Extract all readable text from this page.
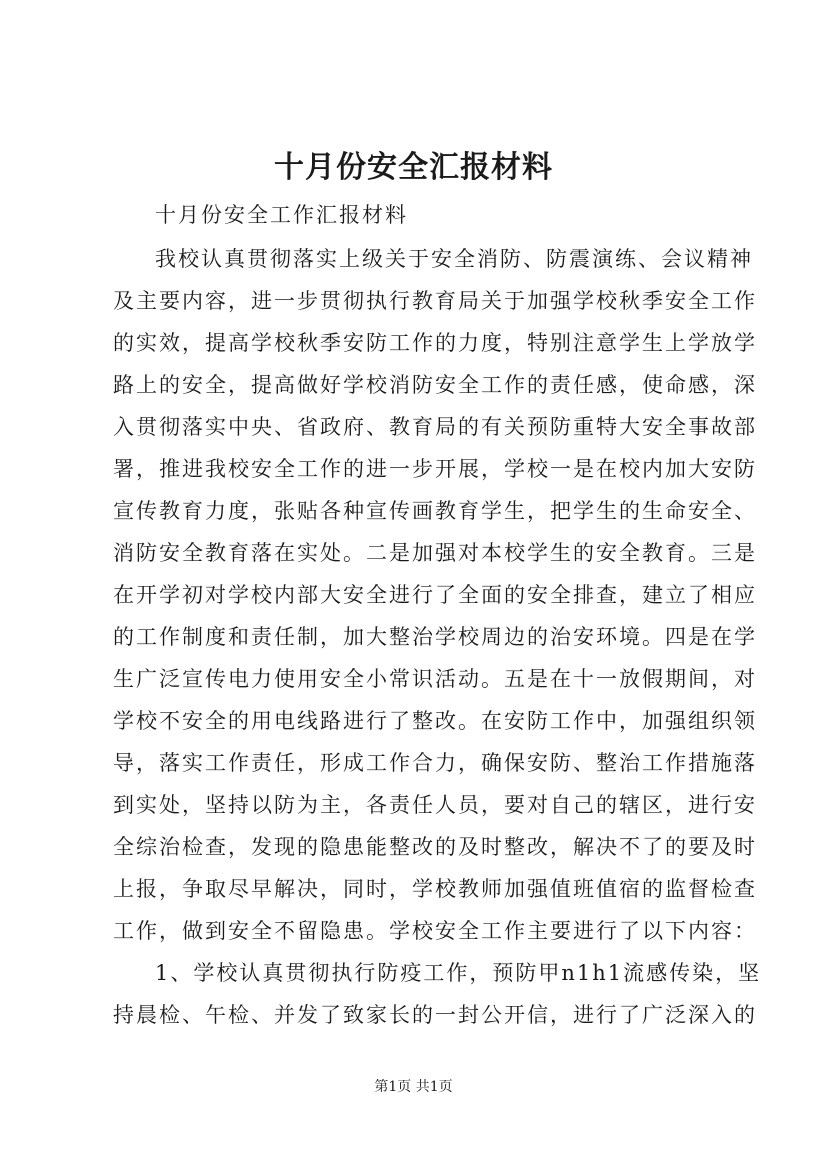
十月份安全汇报材料
十月份安全工作汇报材料
我校认真贯彻落实上级关于安全消防、防震演练、会议精神
及主要内容，进一步贯彻执行教育局关于加强学校秋季安全工作
的实效，提高学校秋季安防工作的力度，特别注意学生上学放学
路上的安全，提高做好学校消防安全工作的责任感，使命感，深
入贯彻落实中央、省政府、教育局的有关预防重特大安全事故部
署，推进我校安全工作的进一步开展，学校一是在校内加大安防
宣传教育力度，张贴各种宣传画教育学生，把学生的生命安全、
消防安全教育落在实处。二是加强对本校学生的安全教育。三是
在开学初对学校内部大安全进行了全面的安全排查，建立了相应
的工作制度和责任制，加大整治学校周边的治安环境。四是在学
生广泛宣传电力使用安全小常识活动。五是在十一放假期间，对
学校不安全的用电线路进行了整改。在安防工作中，加强组织领
导，落实工作责任，形成工作合力，确保安防、整治工作措施落
到实处，坚持以防为主，各责任人员，要对自己的辖区，进行安
全综治检查，发现的隐患能整改的及时整改，解决不了的要及时
上报，争取尽早解决，同时，学校教师加强值班值宿的监督检查
工作，做到安全不留隐患。学校安全工作主要进行了以下内容：
1、学校认真贯彻执行防疫工作，预防甲n1h1流感传染，坚
持晨检、午检、并发了致家长的一封公开信，进行了广泛深入的
第1页 共1页
